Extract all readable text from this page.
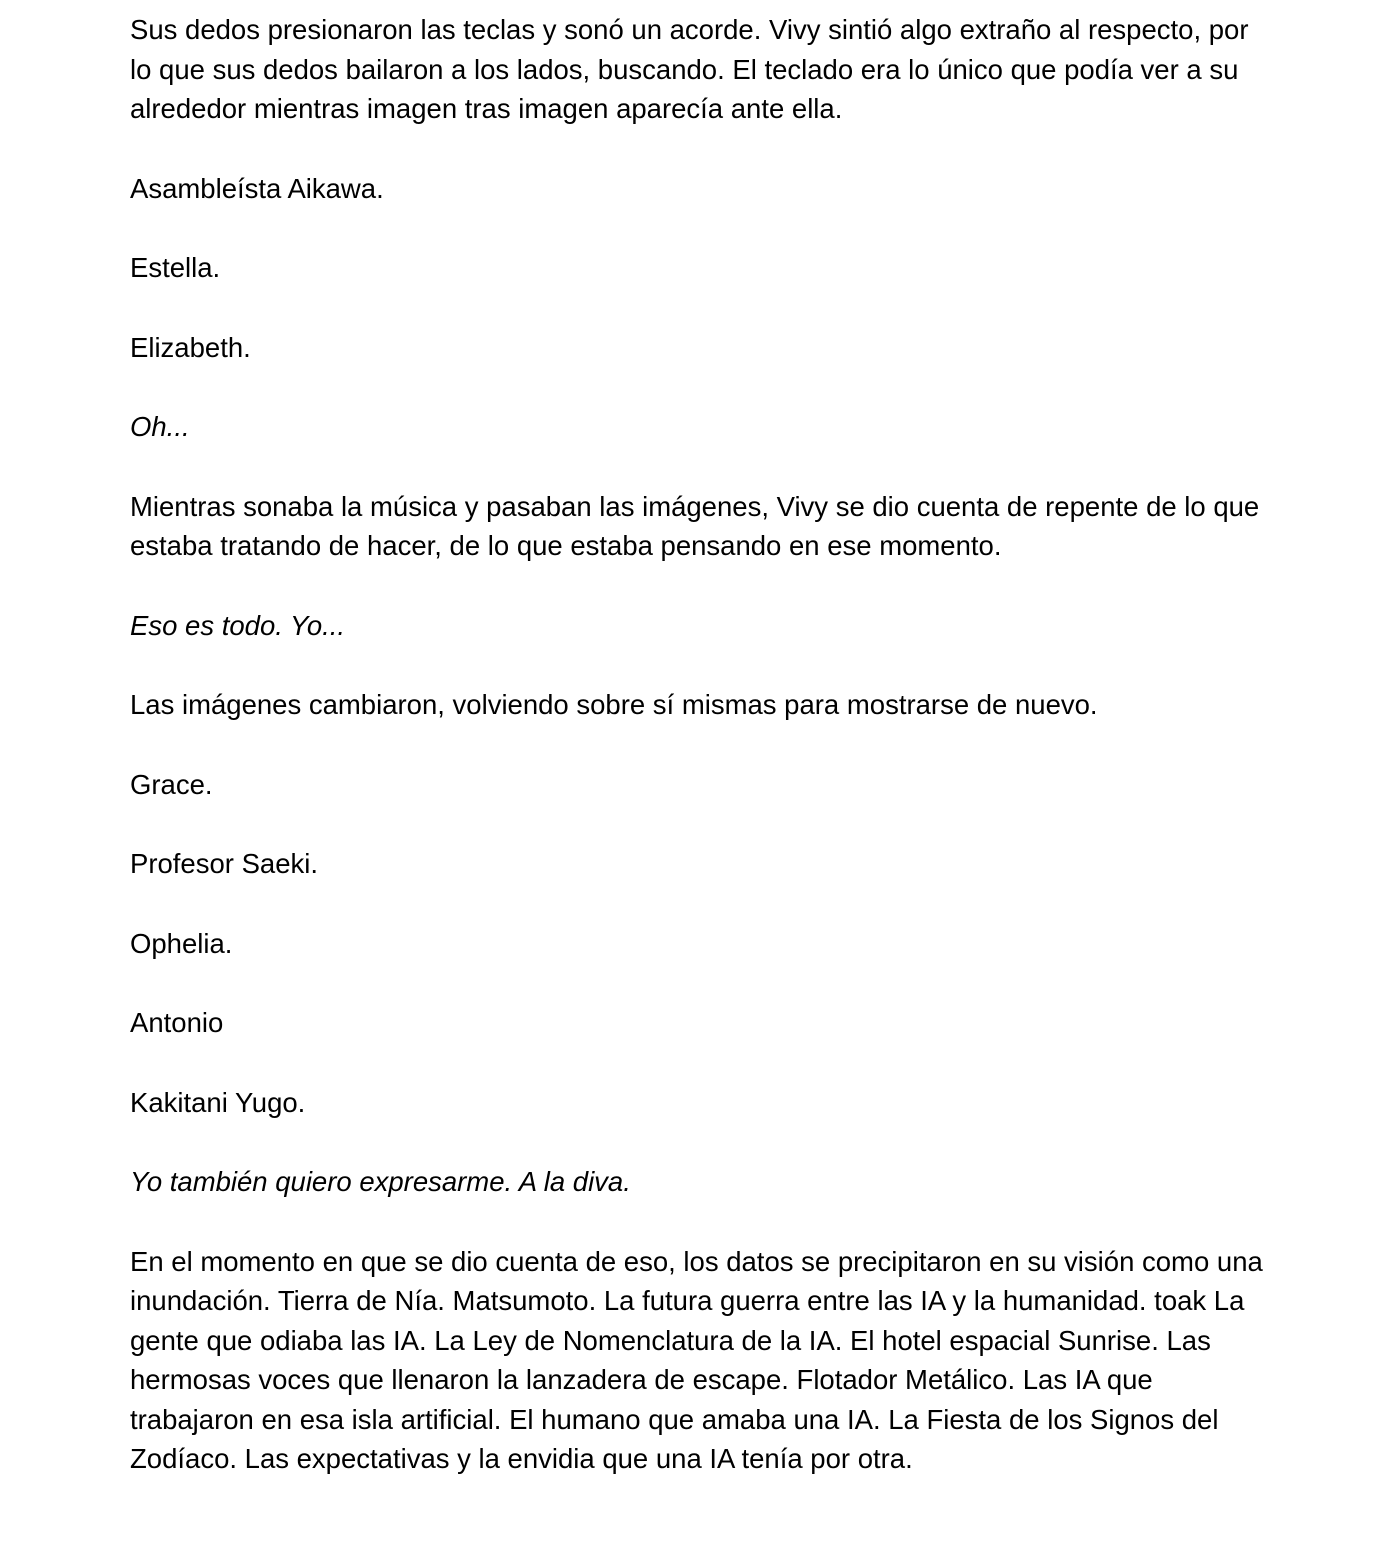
Sus dedos presionaron las teclas y sonó un acorde. Vivy sintió algo extraño al respecto, por lo que sus dedos bailaron a los lados, buscando. El teclado era lo único que podía ver a su alrededor mientras imagen tras imagen aparecía ante ella.

Asambleísta Aikawa.

Estella.

Elizabeth.

Oh...

Mientras sonaba la música y pasaban las imágenes, Vivy se dio cuenta de repente de lo que estaba tratando de hacer, de lo que estaba pensando en ese momento.

Eso es todo. Yo...

Las imágenes cambiaron, volviendo sobre sí mismas para mostrarse de nuevo.

Grace.

Profesor Saeki.

Ophelia.

Antonio

Kakitani Yugo.

Yo también quiero expresarme. A la diva.

En el momento en que se dio cuenta de eso, los datos se precipitaron en su visión como una inundación. Tierra de Nía. Matsumoto. La futura guerra entre las IA y la humanidad. toak La gente que odiaba las IA. La Ley de Nomenclatura de la IA. El hotel espacial Sunrise. Las hermosas voces que llenaron la lanzadera de escape. Flotador Metálico. Las IA que trabajaron en esa isla artificial. El humano que amaba una IA. La Fiesta de los Signos del Zodíaco. Las expectativas y la envidia que una IA tenía por otra.
